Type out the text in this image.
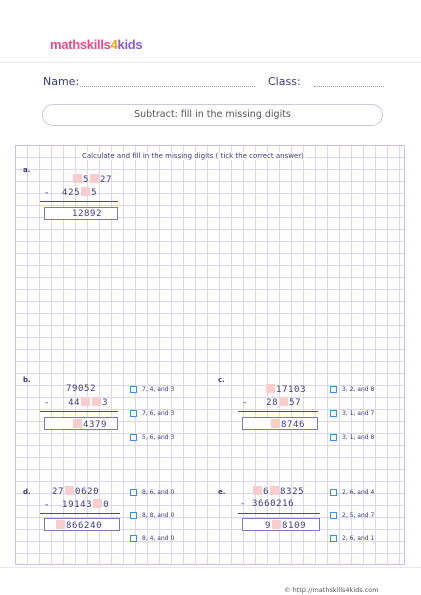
mathskills4kids
Name:	Class:
Subtract: fill in the missing digits
Calculate and fill in the missing digits ( tick the correct answer)
a.
5 27
-  425 5
12892
b.
79052
-   44 3
4379
7, 4, and 3
7, 6, and 3
5, 6, and 3
c.
17103
-   28 57
8746
3, 2, and 8
3, 1, and 7
3, 1, and 8
d. 27 0620
-  19143 0
866240
8, 6, and 0
8, 8, and 0
8, 4, and 0
e.	6 8325
- 3660216
9 8109
2, 6, and 4
2, 5, and 7
2, 6, and 1
© http://mathskills4kids.com
